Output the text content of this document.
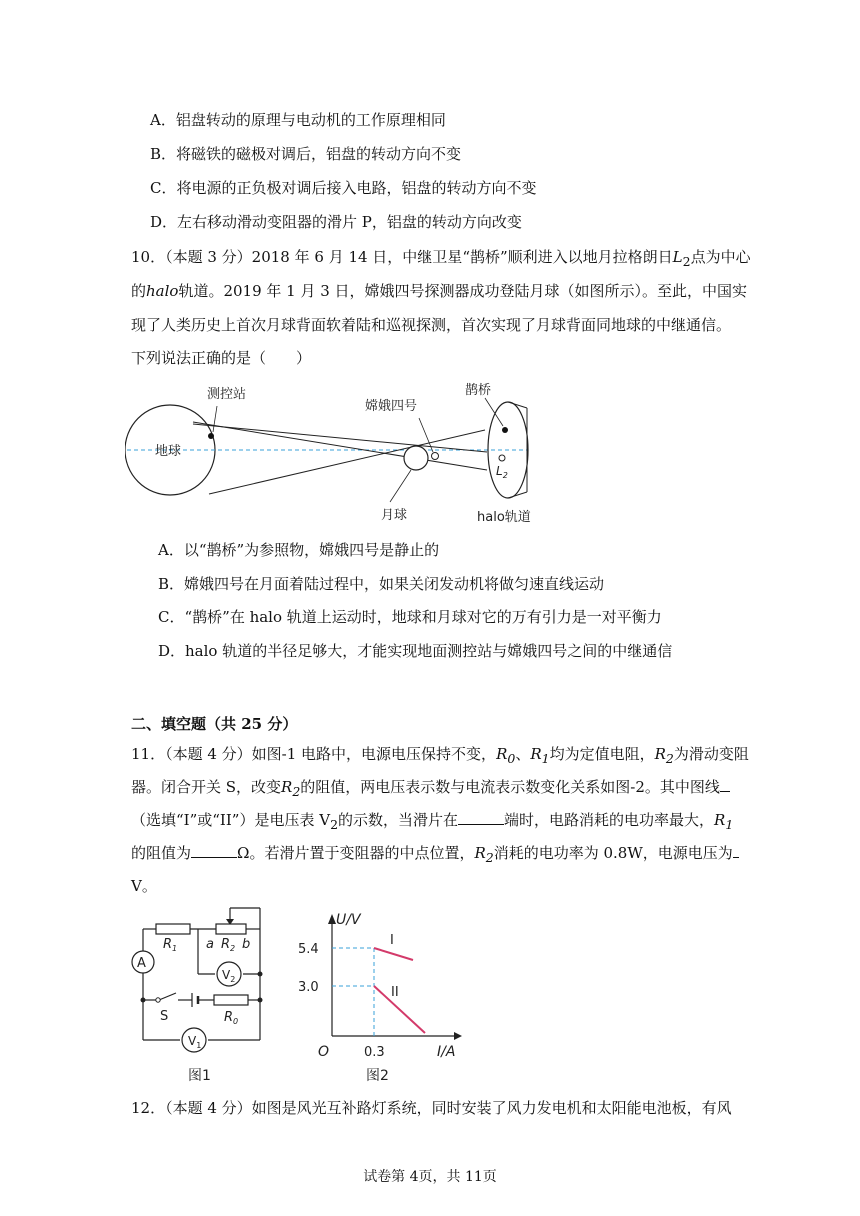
A．铝盘转动的原理与电动机的工作原理相同
B．将磁铁的磁极对调后，铝盘的转动方向不变
C．将电源的正负极对调后接入电路，铝盘的转动方向不变
D．左右移动滑动变阻器的滑片 P，铝盘的转动方向改变
10．（本题 3 分）2018 年 6 月 14 日，中继卫星“鹊桥”顺利进入以地月拉格朗日$L_2$点为中心
的halo轨道。2019 年 1 月 3 日，嫦娥四号探测器成功登陆月球（如图所示）。至此，中国实
现了人类历史上首次月球背面软着陆和巡视探测，首次实现了月球背面同地球的中继通信。
下列说法正确的是（　　）
测控站
地球
嫦娥四号
鹊桥
月球	halo轨道
$L_2$
A．以“鹊桥”为参照物，嫦娥四号是静止的
B．嫦娥四号在月面着陆过程中，如果关闭发动机将做匀速直线运动
C．“鹊桥”在 halo 轨道上运动时，地球和月球对它的万有引力是一对平衡力
D．halo 轨道的半径足够大，才能实现地面测控站与嫦娥四号之间的中继通信
二、填空题（共 25 分）
11．（本题 4 分）如图-1 电路中，电源电压保持不变，$R_0$、$R_1$均为定值电阻，$R_2$为滑动变阻
器。闭合开关 S，改变$R_2$的阻值，两电压表示数与电流表示数变化关系如图-2。其中图线
（选填“I”或“II”）是电压表 $V_2$的示数，当滑片在	端时，电路消耗的电功率最大，$R_1$
的阻值为	Ω。若滑片置于变阻器的中点位置，$R_2$消耗的电功率为 0.8W，电源电压为
V。
A
$R_1$ a $R_2$ b
$V_2$
$V_1$
S	$R_0$
图1
U/V
I/A
O
5.4
3.0
0.3
I
II
图2
12．（本题 4 分）如图是风光互补路灯系统，同时安装了风力发电机和太阳能电池板，有风
试卷第 4页，共 11页
